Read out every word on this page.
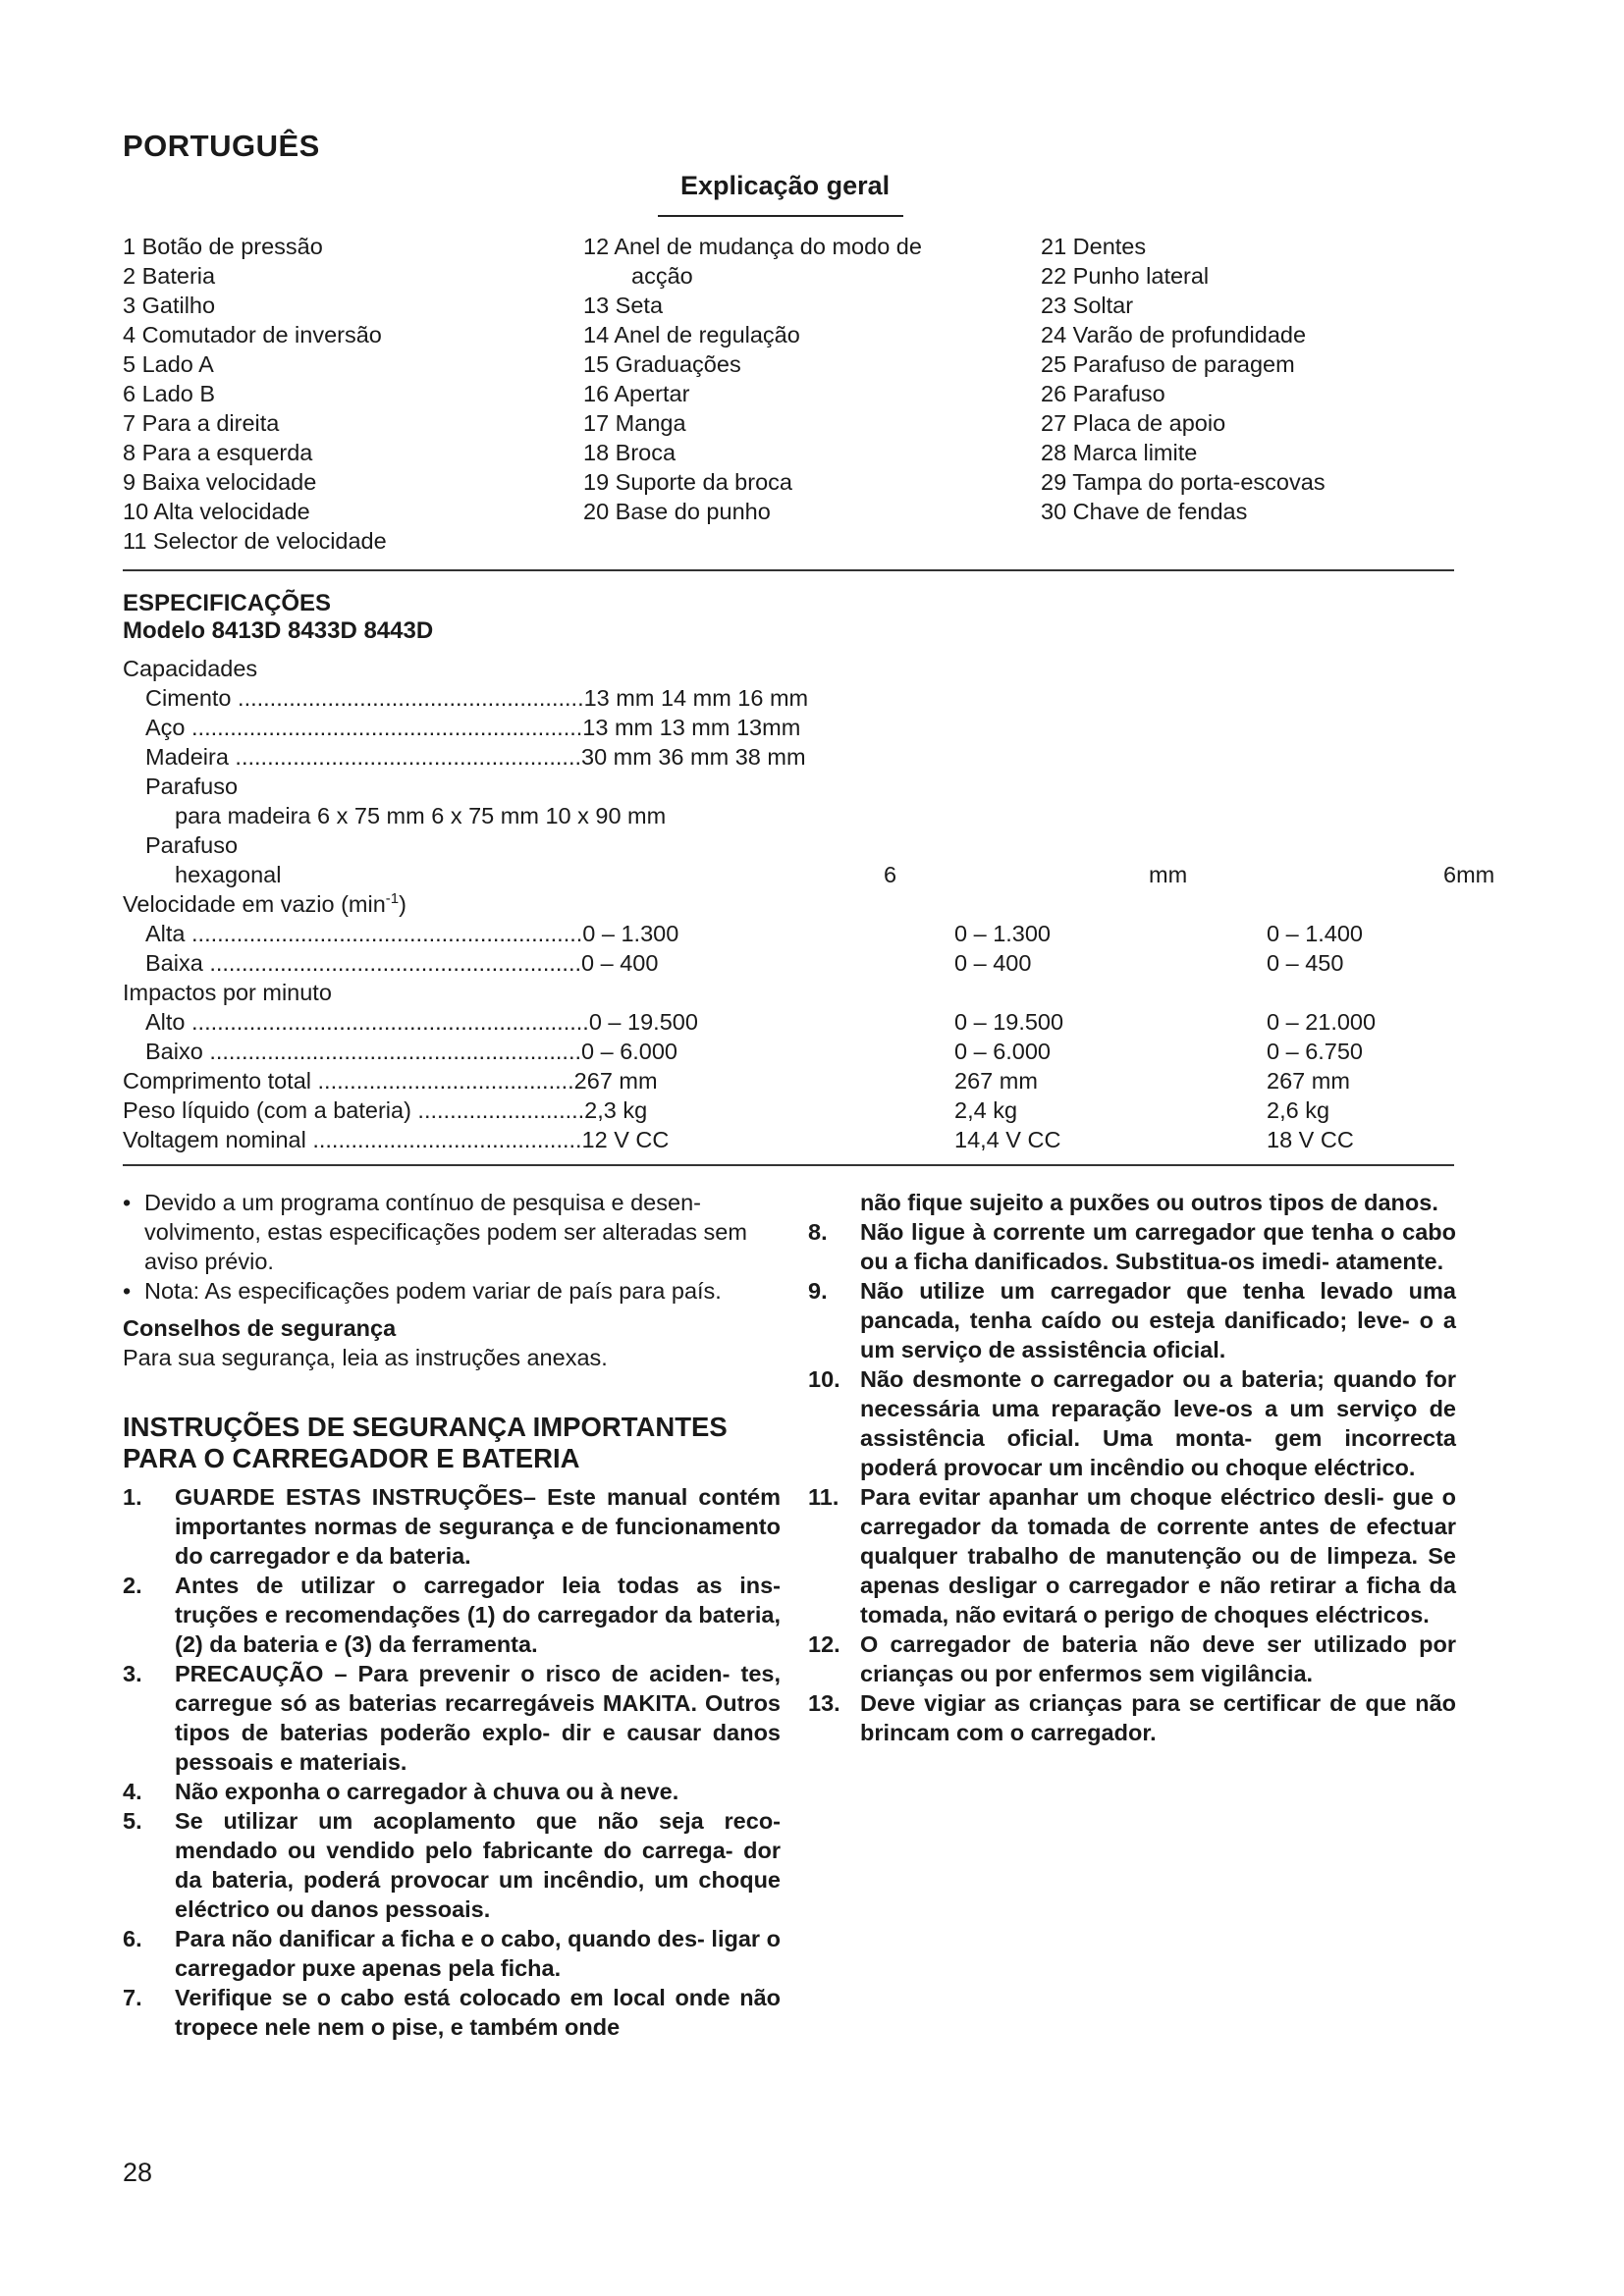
PORTUGUÊS
Explicação geral
1 Botão de pressão
2 Bateria
3 Gatilho
4 Comutador de inversão
5 Lado A
6 Lado B
7 Para a direita
8 Para a esquerda
9 Baixa velocidade
10 Alta velocidade
11 Selector de velocidade
12 Anel de mudança do modo de
acção
13 Seta
14 Anel de regulação
15 Graduações
16 Apertar
17 Manga
18 Broca
19 Suporte da broca
20 Base do punho
21 Dentes
22 Punho lateral
23 Soltar
24 Varão de profundidade
25 Parafuso de paragem
26 Parafuso
27 Placa de apoio
28 Marca limite
29 Tampa do porta-escovas
30 Chave de fendas
ESPECIFICAÇÕES
Modelo 8413D 8433D 8443D
Capacidades
Cimento ......................................................13 mm 14 mm 16 mm
Aço .............................................................13 mm 13 mm 13mm
Madeira ......................................................30 mm 36 mm 38 mm
Parafuso
para madeira 6 x 75 mm 6 x 75 mm 10 x 90 mm
Parafuso
hexagonal	6	mm	6mm
Velocidade em vazio $(\min^{-1})$
Alta .............................................................0 – 1.300	0 – 1.300	0 – 1.400
Baixa ..........................................................0 – 400	0 – 400	0 – 450
Impactos por minuto
Alto ..............................................................0 – 19.500	0 – 19.500	0 – 21.000
Baixo ..........................................................0 – 6.000	0 – 6.000	0 – 6.750
Comprimento total ........................................267 mm	267 mm	267 mm
Peso líquido (com a bateria) ..........................2,3 kg	2,4 kg	2,6 kg
Voltagem nominal ..........................................12 V CC	14,4 V CC	18 V CC
• Devido a um programa contínuo de pesquisa e desen- volvimento, estas especificações podem ser alteradas sem aviso prévio.
• Nota: As especificações podem variar de país para país.
Conselhos de segurança
Para sua segurança, leia as instruções anexas.
INSTRUÇÕES DE SEGURANÇA IMPORTANTES PARA O CARREGADOR E BATERIA
1. GUARDE ESTAS INSTRUÇÕES– Este manual contém importantes normas de segurança e de funcionamento do carregador e da bateria.
2. Antes de utilizar o carregador leia todas as ins- truções e recomendações (1) do carregador da bateria, (2) da bateria e (3) da ferramenta.
3. PRECAUÇÃO – Para prevenir o risco de aciden- tes, carregue só as baterias recarregáveis MAKITA. Outros tipos de baterias poderão explo- dir e causar danos pessoais e materiais.
4. Não exponha o carregador à chuva ou à neve.
5. Se utilizar um acoplamento que não seja reco- mendado ou vendido pelo fabricante do carrega- dor da bateria, poderá provocar um incêndio, um choque eléctrico ou danos pessoais.
6. Para não danificar a ficha e o cabo, quando des- ligar o carregador puxe apenas pela ficha.
7. Verifique se o cabo está colocado em local onde não tropece nele nem o pise, e também onde
não fique sujeito a puxões ou outros tipos de danos.
8. Não ligue à corrente um carregador que tenha o cabo ou a ficha danificados. Substitua-os imedi- atamente.
9. Não utilize um carregador que tenha levado uma pancada, tenha caído ou esteja danificado; leve- o a um serviço de assistência oficial.
10. Não desmonte o carregador ou a bateria; quando for necessária uma reparação leve-os a um serviço de assistência oficial. Uma monta- gem incorrecta poderá provocar um incêndio ou choque eléctrico.
11. Para evitar apanhar um choque eléctrico desli- gue o carregador da tomada de corrente antes de efectuar qualquer trabalho de manutenção ou de limpeza. Se apenas desligar o carregador e não retirar a ficha da tomada, não evitará o perigo de choques eléctricos.
12. O carregador de bateria não deve ser utilizado por crianças ou por enfermos sem vigilância.
13. Deve vigiar as crianças para se certificar de que não brincam com o carregador.
28
